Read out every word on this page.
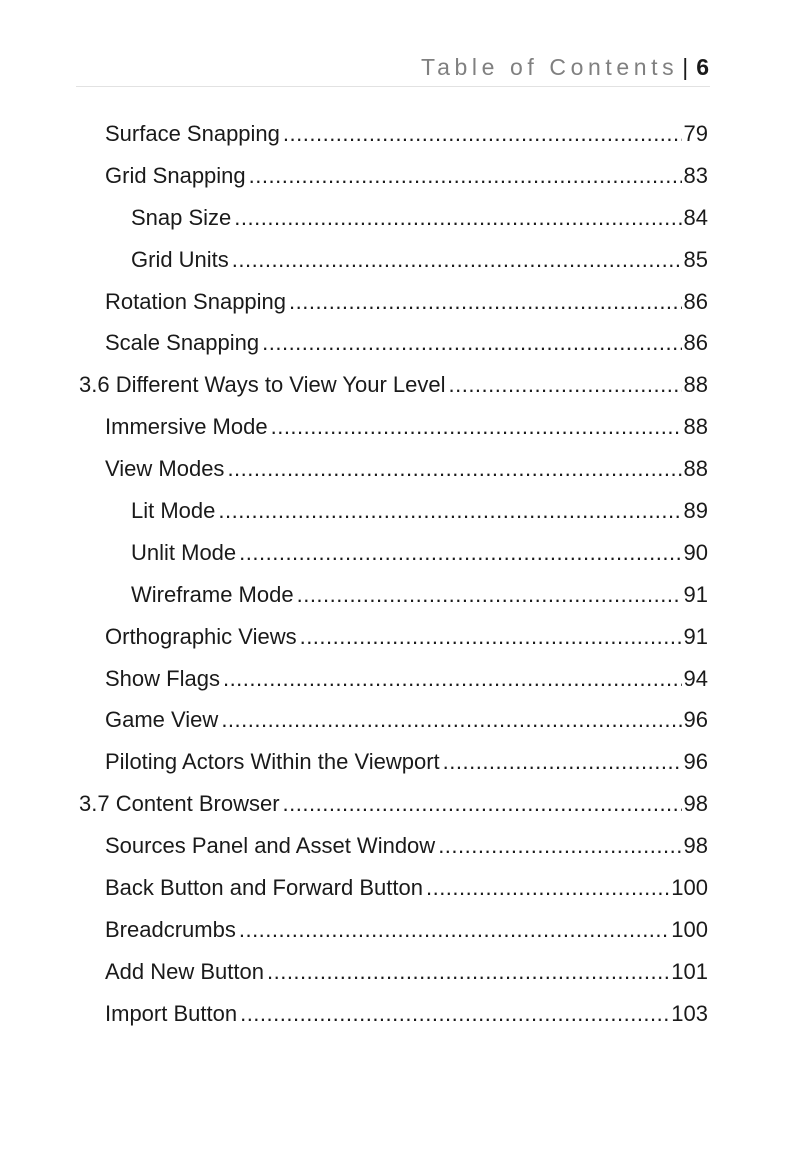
Table of Contents | 6
Surface Snapping .....	79
Grid Snapping .....	83
Snap Size .....	84
Grid Units .....	85
Rotation Snapping .....	86
Scale Snapping .....	86
3.6 Different Ways to View Your Level .....	88
Immersive Mode .....	88
View Modes .....	88
Lit Mode .....	89
Unlit Mode .....	90
Wireframe Mode .....	91
Orthographic Views .....	91
Show Flags .....	94
Game View .....	96
Piloting Actors Within the Viewport .....	96
3.7 Content Browser .....	98
Sources Panel and Asset Window .....	98
Back Button and Forward Button .....	100
Breadcrumbs .....	100
Add New Button .....	101
Import Button .....	103
